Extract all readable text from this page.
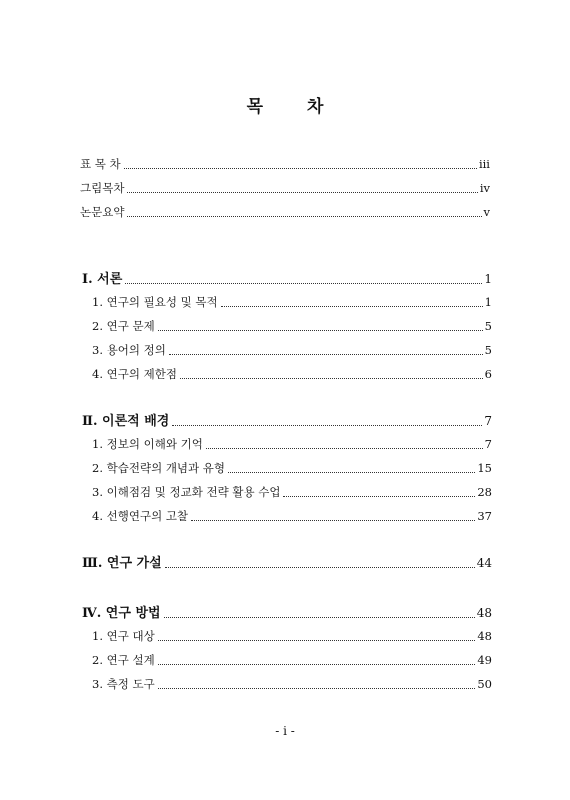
목	차
표 목 차	iii
그림목차	iv
논문요약	v
Ⅰ. 서론	1
1. 연구의 필요성 및 목적	1
2. 연구 문제	5
3. 용어의 정의	5
4. 연구의 제한점	6
Ⅱ. 이론적 배경	7
1. 정보의 이해와 기억	7
2. 학습전략의 개념과 유형	15
3. 이해점검 및 정교화 전략 활용 수업	28
4. 선행연구의 고찰	37
Ⅲ. 연구 가설	44
Ⅳ. 연구 방법	48
1. 연구 대상	48
2. 연구 설계	49
3. 측정 도구	50
- i -
